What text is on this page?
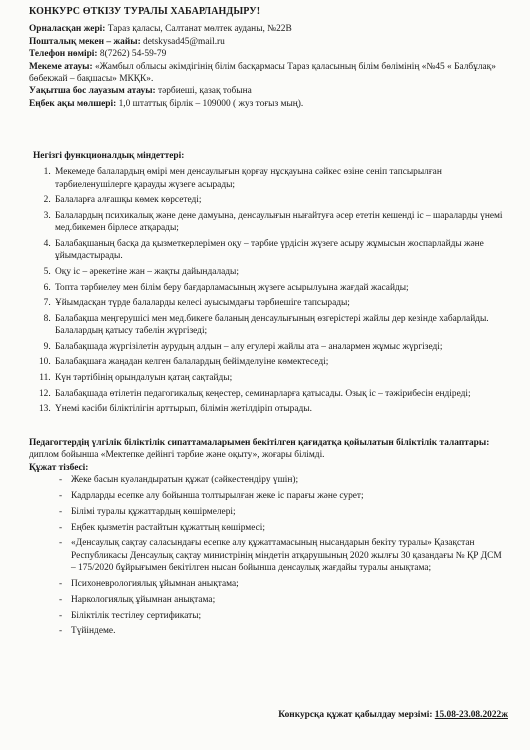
КОНКУРС ӨТКІЗУ ТУРАЛЫ ХАБАРЛАНДЫРУ!
Орналасқан жері: Тараз қаласы, Салтанат мөлтек ауданы, №22В
Пошталық мекен – жайы: detskysad45@mail.ru
Телефон нөмірі: 8(7262) 54-59-79
Мекеме атауы: «Жамбыл облысы әкімдігінің білім басқармасы Тараз қаласының білім бөлімінің «№45 « Балбұлақ» бөбекжай – бақшасы» МКҚК».
Уақытша бос лауазым атауы: тәрбиеші, қазақ тобына
Еңбек ақы мөлшері: 1,0 штаттық бірлік – 109000 ( жуз тоғыз мың).
Негізгі функционалдық міндеттері:
1. Мекемеде балалардың өмірі мен денсаулығын қорғау нұсқауына сәйкес өзіне сеніп тапсырылған тәрбиеленушілерге қарауды жүзеге асырады;
2. Балаларға алғашқы көмек көрсетеді;
3. Балалардың психикалық және дене дамуына, денсаулығын нығайтуға әсер ететін кешенді іс – шараларды үнемі мед.бикемен бірлесе атқарады;
4. Балабақшаның басқа да қызметкерлерімен оқу – тәрбие үрдісін жүзеге асыру жұмысын жоспарлайды және ұйымдастырады.
5. Оқу іс – әрекетіне жан – жақты дайындалады;
6. Топта тәрбиелеу мен білім беру бағдарламасының жүзеге асырылуына жағдай жасайды;
7. Ұйымдасқан түрде балаларды келесі ауысымдағы тәрбиешіге тапсырады;
8. Балабақша меңгерушісі мен мед.бикеге баланың денсаулығының өзгерістері жайлы дер кезінде хабарлайды. Балалардың қатысу табелін жүргізеді;
9. Балабақшада жүргізілетін аурудың алдын – алу егулері жайлы ата – аналармен жұмыс жүргізеді;
10. Балабақшаға жаңадан келген балалардың бейімделуіне көмектеседі;
11. Күн тәртібінің орындалуын қатаң сақтайды;
12. Балабақшада өтілетін педагогикалық кеңестер, семинарларға қатысады. Озық іс – тәжірибесін ендіреді;
13. Үнемі кәсіби біліктілігін арттырып, білімін жетілдіріп отырады.

Педагогтердің үлгілік біліктілік сипаттамаларымен бекітілген қағидатқа қойылатын біліктілік талаптары: диплом бойынша «Мектепке дейінгі тәрбие және оқыту», жоғары білімді.

Құжат тізбесі:
- Жеке басын куәландыратын құжат (сәйкестендіру үшін);
- Кадрларды есепке алу бойынша толтырылған жеке іс парағы және сурет;
- Білімі туралы құжаттардың көшірмелері;
- Еңбек қызметін растайтын құжаттың көшірмесі;
- «Денсаулық сақтау саласындағы есепке алу құжаттамасының нысандарын бекіту туралы» Қазақстан Республикасы Денсаулық сақтау министрінің міндетін атқарушының 2020 жылғы 30 қазандағы № ҚР ДСМ – 175/2020 бұйрығымен бекітілген нысан бойынша денсаулық жағдайы туралы анықтама;
- Психоневрологиялық ұйымнан анықтама;
- Наркологиялық ұйымнан анықтама;
- Біліктілік тестілеу сертификаты;
- Түйіндеме.
Конкурсқа құжат қабылдау мерзімі: 15.08-23.08.2022ж
